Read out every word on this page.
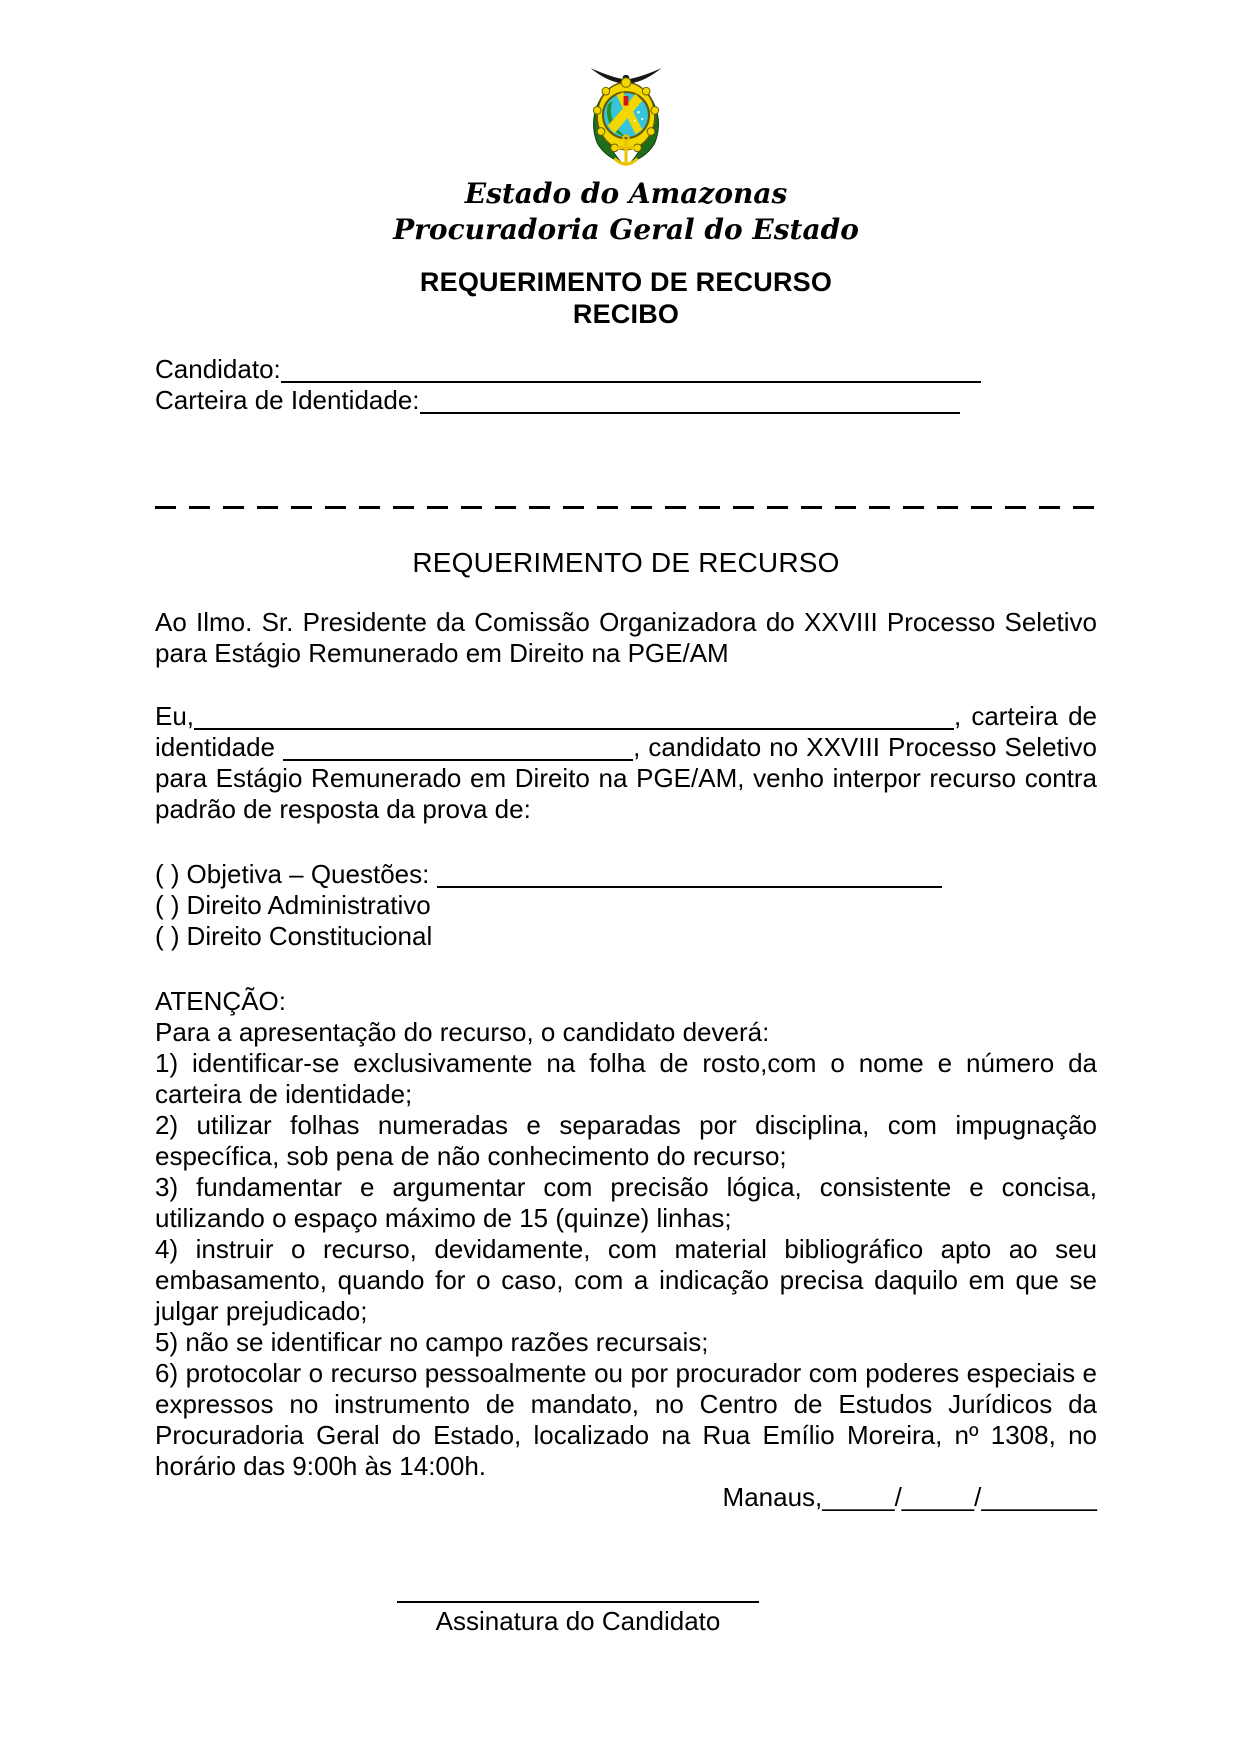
Estado do Amazonas
Procuradoria Geral do Estado
REQUERIMENTO DE RECURSO
RECIBO
Candidato:
Carteira de Identidade:
REQUERIMENTO DE RECURSO

Ao Ilmo. Sr. Presidente da Comissão Organizadora do XXVIII Processo Seletivo para Estágio Remunerado em Direito na PGE/AM

Eu,	, carteira de identidade	, candidato no XXVIII Processo Seletivo para Estágio Remunerado em Direito na PGE/AM, venho interpor recurso contra padrão de resposta da prova de:

( ) Objetiva – Questões:

( ) Direito Administrativo

( ) Direito Constitucional

ATENÇÃO:

Para a apresentação do recurso, o candidato deverá:

1) identificar-se exclusivamente na folha de rosto,com o nome e número da carteira de identidade;

2) utilizar folhas numeradas e separadas por disciplina, com impugnação específica, sob pena de não conhecimento do recurso;

3) fundamentar e argumentar com precisão lógica, consistente e concisa, utilizando o espaço máximo de 15 (quinze) linhas;

4) instruir o recurso, devidamente, com material bibliográfico apto ao seu embasamento, quando for o caso, com a indicação precisa daquilo em que se julgar prejudicado;

5) não se identificar no campo razões recursais;

6) protocolar o recurso pessoalmente ou por procurador com poderes especiais e expressos no instrumento de mandato, no Centro de Estudos Jurídicos da Procuradoria Geral do Estado, localizado na Rua Emílio Moreira, nº 1308, no horário das 9:00h às 14:00h.

Manaus,_____/_____/________

Assinatura do Candidato
